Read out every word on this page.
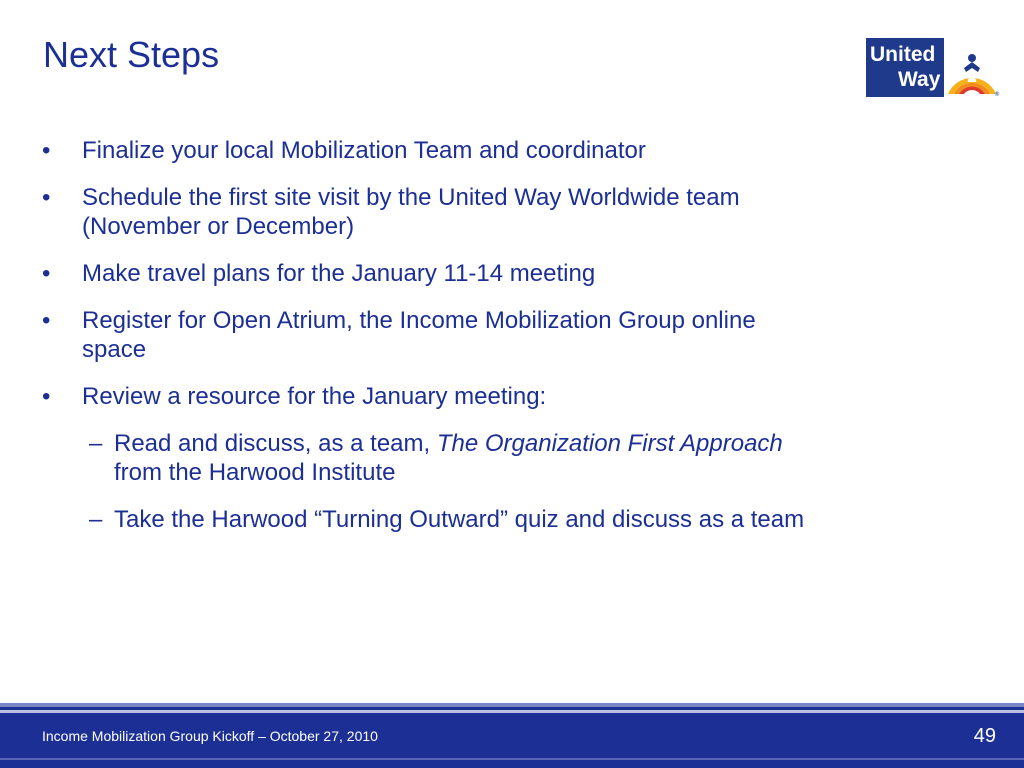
Next Steps	United
Way
®
• Finalize your local Mobilization Team and coordinator
• Schedule the first site visit by the United Way Worldwide team (November or December)
• Make travel plans for the January 11-14 meeting
• Register for Open Atrium, the Income Mobilization Group online space
• Review a resource for the January meeting:
– Read and discuss, as a team, The Organization First Approach from the Harwood Institute
– Take the Harwood “Turning Outward” quiz and discuss as a team
Income Mobilization Group Kickoff – October 27, 2010	49
